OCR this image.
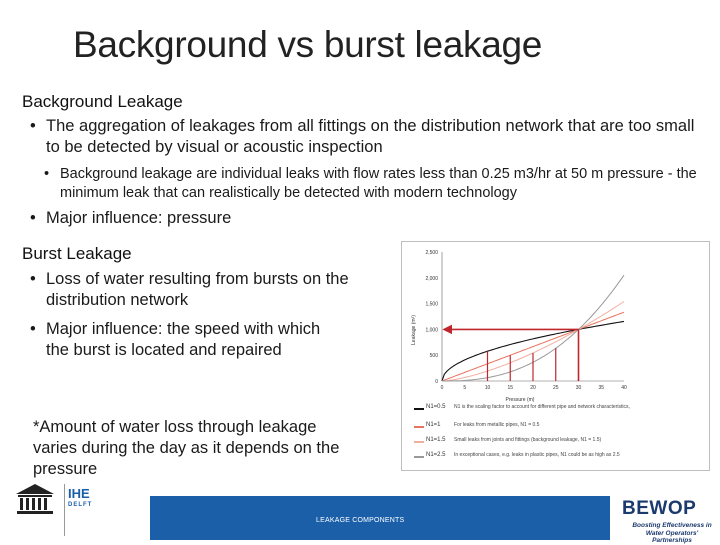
Background vs burst leakage
Background Leakage
• The aggregation of leakages from all fittings on the distribution network that are too small to be detected by visual or acoustic inspection
• Background leakage are individual leaks with flow rates less than 0.25 m3/hr at 50 m pressure - the minimum leak that can realistically be detected with modern technology
• Major influence: pressure
Burst Leakage
• Loss of water resulting from bursts on the distribution network
• Major influence: the speed with which the burst is located and repaired
*Amount of water loss through leakage varies during the day as it depends on the pressure
Leakage (m³)
Pressure (m)
0
500
1,000
1,500
2,000
2,500
0	5	10	15	20	25	30	35	40
N1=0.5 N1 is the scaling factor to account for different pipe and network characteristics,
N1=1	For leaks from metallic pipes, N1 = 0.5
N1=1.5 Small leaks from joints and fittings (background leakage, N1 = 1.5)
N1=2.5 In exceptional cases, e.g. leaks in plastic pipes, N1 could be as high as 2.5
LEAKAGE COMPONENTS
IHE
DELFT	BEWOP
Boosting Effectiveness in Water Operators' Partnerships
